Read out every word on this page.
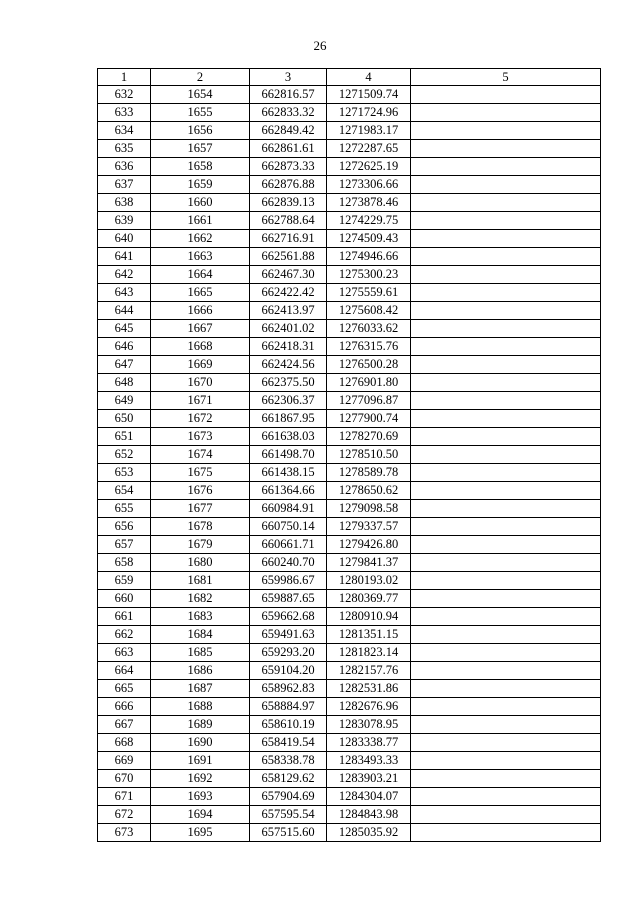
26
1	2	3	4	5
632	1654	662816.57	1271509.74	
633	1655	662833.32	1271724.96	
634	1656	662849.42	1271983.17	
635	1657	662861.61	1272287.65	
636	1658	662873.33	1272625.19	
637	1659	662876.88	1273306.66	
638	1660	662839.13	1273878.46	
639	1661	662788.64	1274229.75	
640	1662	662716.91	1274509.43	
641	1663	662561.88	1274946.66	
642	1664	662467.30	1275300.23	
643	1665	662422.42	1275559.61	
644	1666	662413.97	1275608.42	
645	1667	662401.02	1276033.62	
646	1668	662418.31	1276315.76	
647	1669	662424.56	1276500.28	
648	1670	662375.50	1276901.80	
649	1671	662306.37	1277096.87	
650	1672	661867.95	1277900.74	
651	1673	661638.03	1278270.69	
652	1674	661498.70	1278510.50	
653	1675	661438.15	1278589.78	
654	1676	661364.66	1278650.62	
655	1677	660984.91	1279098.58	
656	1678	660750.14	1279337.57	
657	1679	660661.71	1279426.80	
658	1680	660240.70	1279841.37	
659	1681	659986.67	1280193.02	
660	1682	659887.65	1280369.77	
661	1683	659662.68	1280910.94	
662	1684	659491.63	1281351.15	
663	1685	659293.20	1281823.14	
664	1686	659104.20	1282157.76	
665	1687	658962.83	1282531.86	
666	1688	658884.97	1282676.96	
667	1689	658610.19	1283078.95	
668	1690	658419.54	1283338.77	
669	1691	658338.78	1283493.33	
670	1692	658129.62	1283903.21	
671	1693	657904.69	1284304.07	
672	1694	657595.54	1284843.98	
673	1695	657515.60	1285035.92	
